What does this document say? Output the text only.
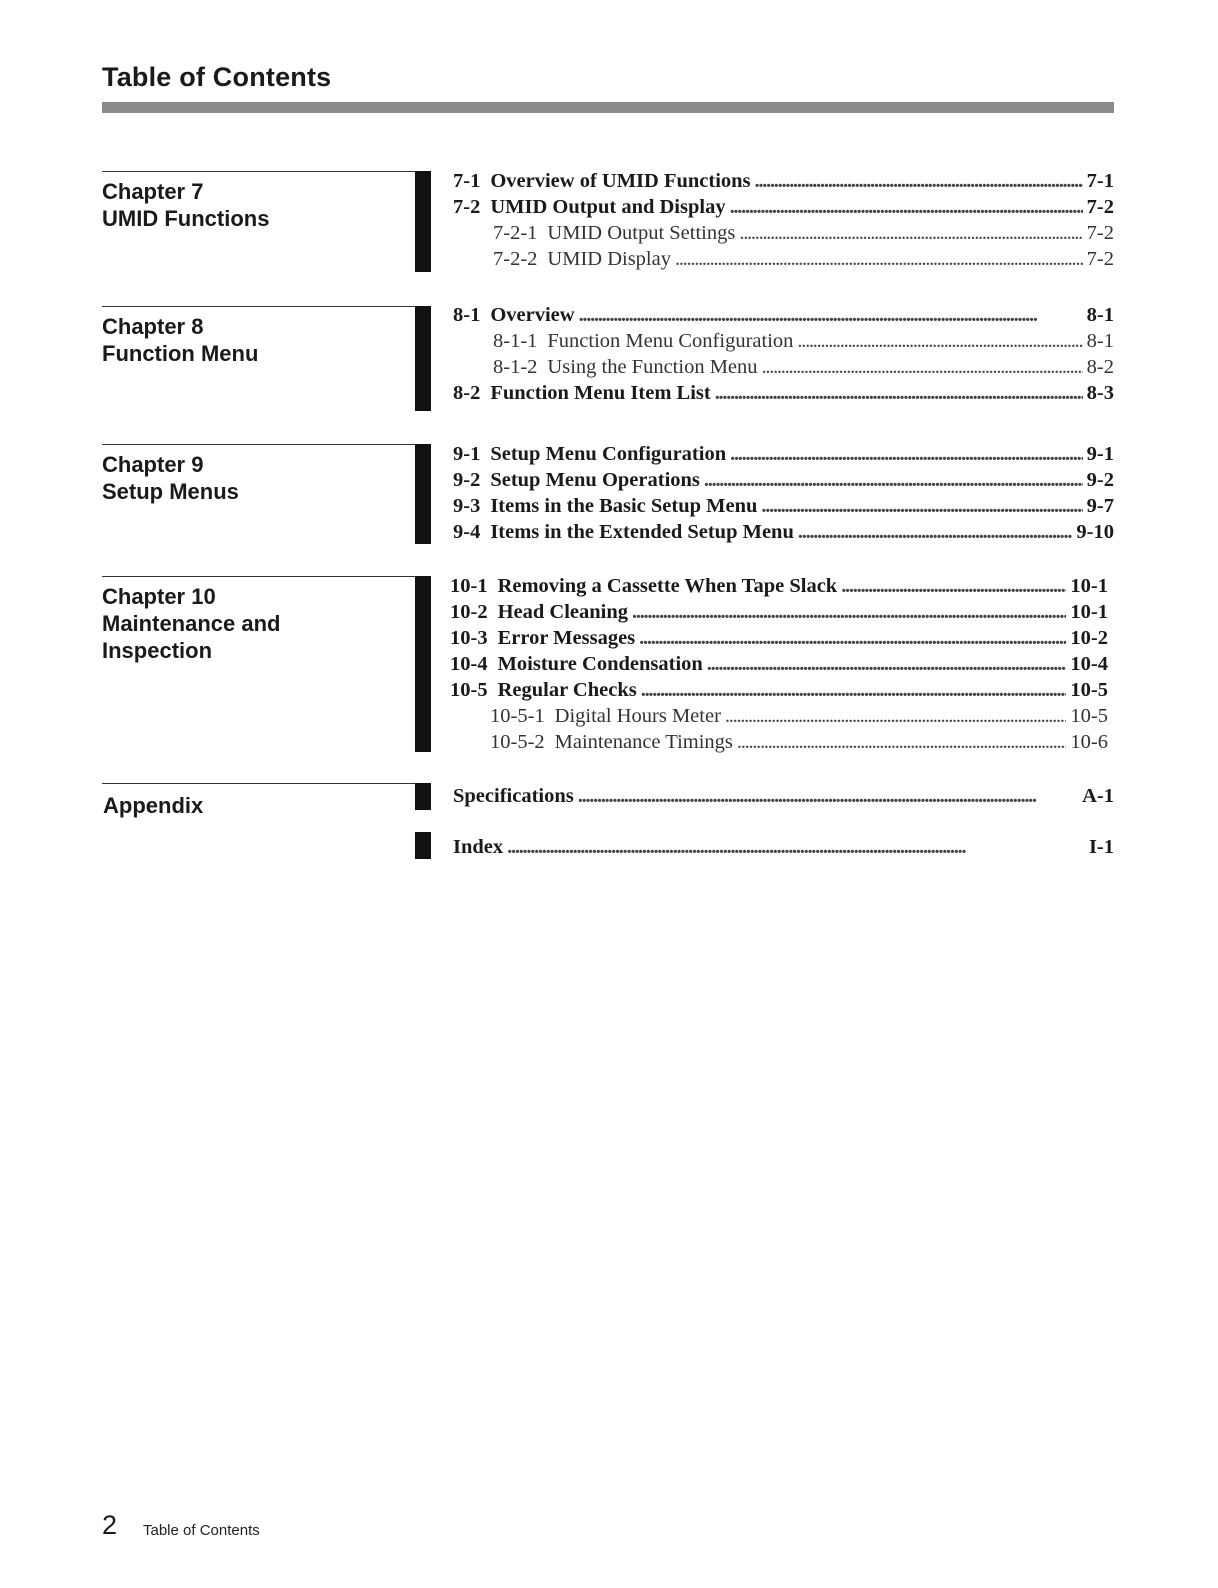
Table of Contents
Chapter 7
UMID Functions
7-1 Overview of UMID Functions . . .	7-1
7-2 UMID Output and Display . . .	7-2
7-2-1 UMID Output Settings . . .	7-2
7-2-2 UMID Display . . .	7-2
Chapter 8
Function Menu
8-1 Overview . . .	8-1
8-1-1 Function Menu Configuration . . .	8-1
8-1-2 Using the Function Menu . . .	8-2
8-2 Function Menu Item List . . .	8-3
Chapter 9
Setup Menus
9-1 Setup Menu Configuration . . .	9-1
9-2 Setup Menu Operations . . .	9-2
9-3 Items in the Basic Setup Menu . . .	9-7
9-4 Items in the Extended Setup Menu . . .	9-10
Chapter 10
Maintenance and
Inspection
10-1 Removing a Cassette When Tape Slack . . .	10-1
10-2 Head Cleaning . . .	10-1
10-3 Error Messages . . .	10-2
10-4 Moisture Condensation . . .	10-4
10-5 Regular Checks . . .	10-5
10-5-1 Digital Hours Meter . . .	10-5
10-5-2 Maintenance Timings . . .	10-6
Appendix	Specifications . . .	A-1
Index . . .	I-1
2 Table of Contents
